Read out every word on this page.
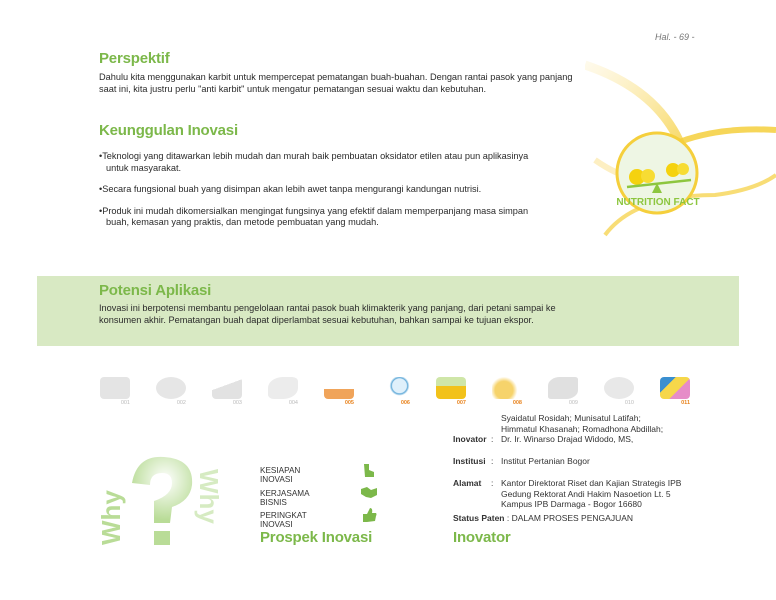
Hal. - 69 -
Perspektif
Dahulu kita menggunakan karbit untuk mempercepat pematangan buah-buahan. Dengan rantai pasok yang panjang saat ini, kita justru perlu "anti karbit" untuk mengatur pematangan sesuai waktu dan kebutuhan.
Keunggulan Inovasi
• Teknologi yang ditawarkan lebih mudah dan murah baik pembuatan oksidator etilen atau pun aplikasinya untuk masyarakat.
• Secara fungsional buah yang disimpan akan lebih awet tanpa mengurangi kandungan nutrisi.
• Produk ini mudah dikomersialkan mengingat fungsinya yang efektif dalam memperpanjang masa simpan buah, kemasan yang praktis, dan metode pembuatan yang mudah.
NUTRITION FACT
Potensi Aplikasi
Inovasi ini berpotensi membantu pengelolaan rantai pasok buah klimakterik yang panjang, dari petani sampai ke konsumen akhir. Pematangan buah dapat diperlambat sesuai kebutuhan, bahkan sampai ke tujuan ekspor.
001	002	003	004	005	006	007	008	009	010	011
Why	Why	KESIAPAN INOVASI
KERJASAMA BISNIS
PERINGKAT INOVASI
Prospek Inovasi
Syaidatul Rosidah; Munisatul Latifah;
Himmatul Khasanah; Romadhona Abdillah;
Inovator : Dr. Ir. Winarso Drajad Widodo, MS,
Institusi : Institut Pertanian Bogor
Alamat : Kantor Direktorat Riset dan Kajian Strategis IPB
Gedung Rektorat Andi Hakim Nasoetion Lt. 5
Kampus IPB Darmaga - Bogor 16680
Status Paten : DALAM PROSES PENGAJUAN
Inovator
